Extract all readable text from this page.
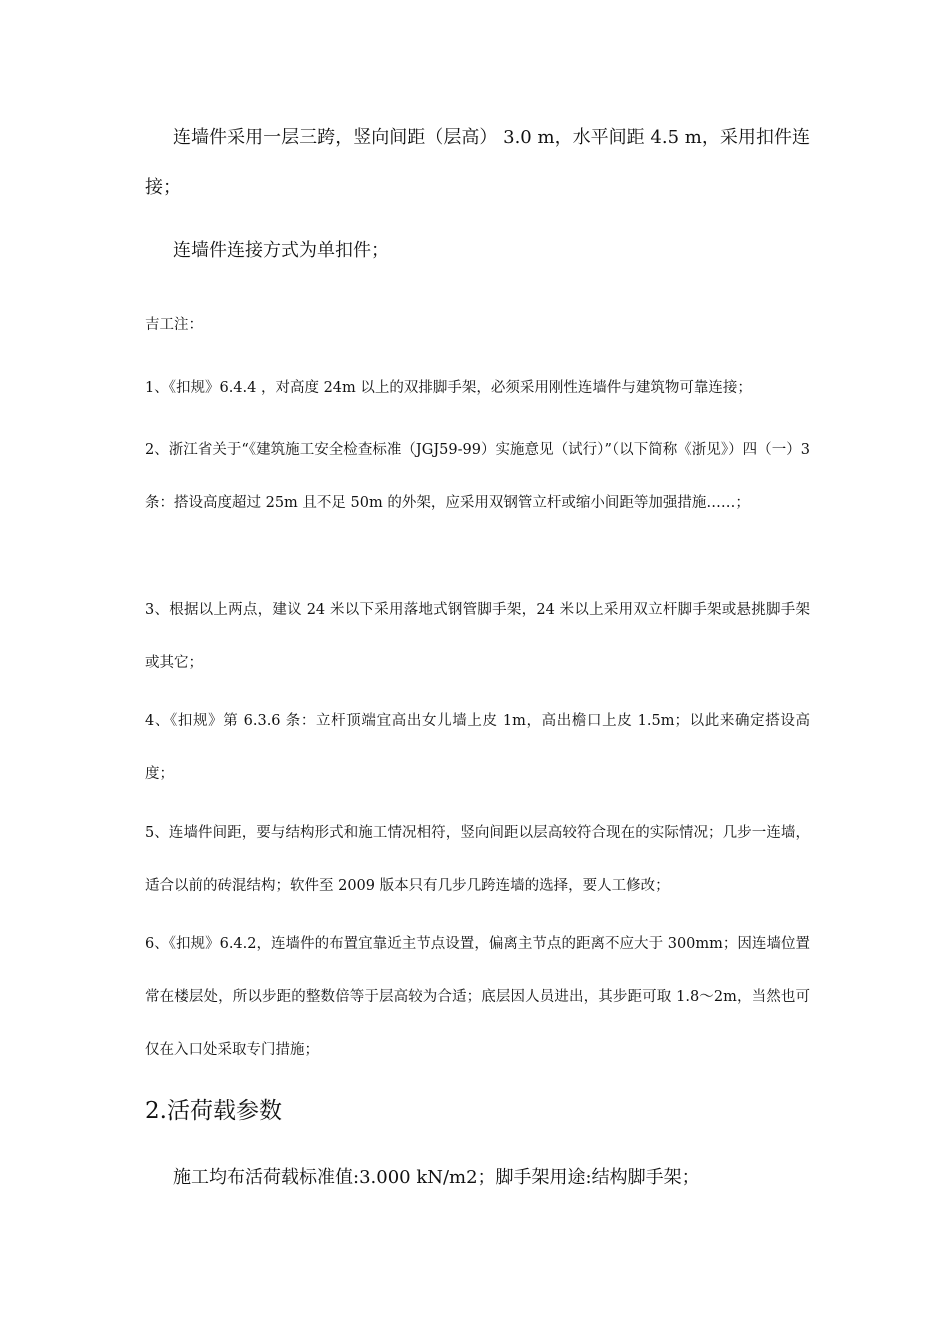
连墙件采用一层三跨，竖向间距（层高） 3.0 m，水平间距 4.5 m，采用扣件连接；

连墙件连接方式为单扣件；

吉工注：

1、《扣规》6.4.4 ，对高度 24m 以上的双排脚手架，必须采用刚性连墙件与建筑物可靠连接；

2、浙江省关于“《建筑施工安全检查标准（JGJ59-99）实施意见（试行）”（以下简称《浙见》）四（一）3 条：搭设高度超过 25m 且不足 50m 的外架，应采用双钢管立杆或缩小间距等加强措施……；

3、根据以上两点，建议 24 米以下采用落地式钢管脚手架，24 米以上采用双立杆脚手架或悬挑脚手架或其它；

4、《扣规》第 6.3.6 条：立杆顶端宜高出女儿墙上皮 1m，高出檐口上皮 1.5m；以此来确定搭设高度；

5、连墙件间距，要与结构形式和施工情况相符，竖向间距以层高较符合现在的实际情况；几步一连墙，适合以前的砖混结构；软件至 2009 版本只有几步几跨连墙的选择，要人工修改；

6、《扣规》6.4.2，连墙件的布置宜靠近主节点设置，偏离主节点的距离不应大于 300mm；因连墙位置常在楼层处，所以步距的整数倍等于层高较为合适；底层因人员进出，其步距可取 1.8～2m，当然也可仅在入口处采取专门措施；

2.活荷载参数

施工均布活荷载标准值:3.000 kN/m2；脚手架用途:结构脚手架；
